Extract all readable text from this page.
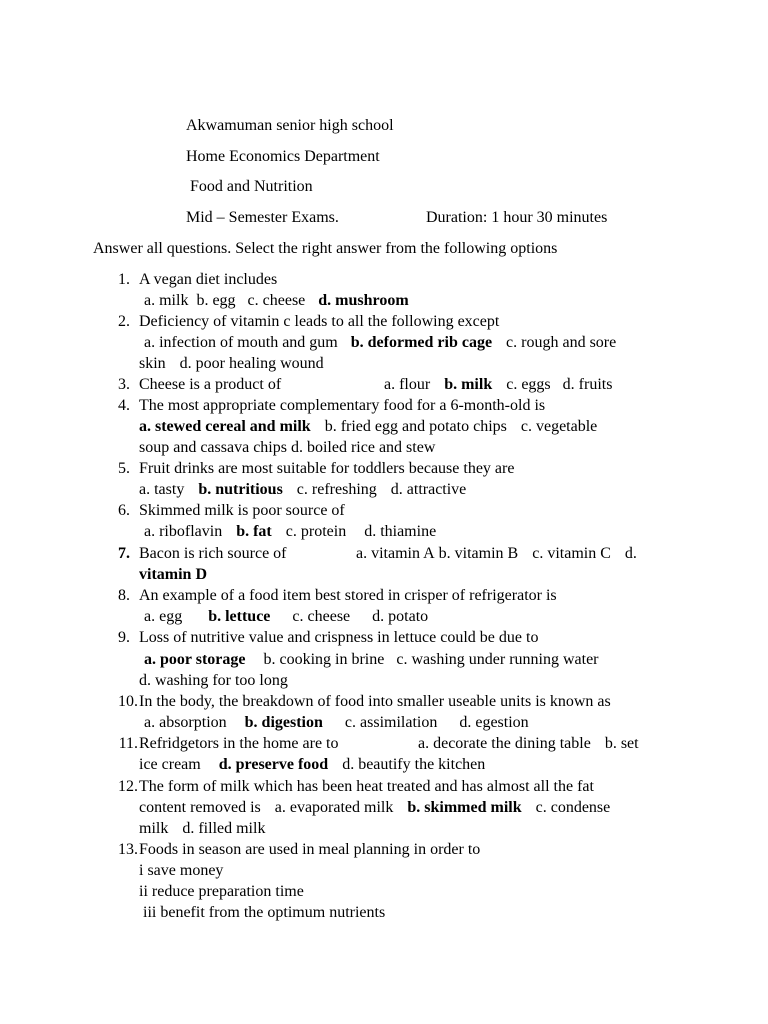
Akwamuman senior high school
Home Economics Department
Food and Nutrition
Mid – Semester Exams.	Duration: 1 hour 30 minutes
Answer all questions. Select the right answer from the following options
1. A vegan diet includes
a. milk b. egg c. cheese d. mushroom
2. Deficiency of vitamin c leads to all the following except
a. infection of mouth and gum b. deformed rib cage c. rough and sore
skin d. poor healing wound
3. Cheese is a product of	a. flour b. milk c. eggs d. fruits
4. The most appropriate complementary food for a 6-month-old is
a. stewed cereal and milk b. fried egg and potato chips c. vegetable
soup and cassava chips d. boiled rice and stew
5. Fruit drinks are most suitable for toddlers because they are
a. tasty b. nutritious c. refreshing d. attractive
6. Skimmed milk is poor source of
a. riboflavin b. fat c. protein d. thiamine
7. Bacon is rich source of	a. vitamin A b. vitamin B c. vitamin C d.
vitamin D
8. An example of a food item best stored in crisper of refrigerator is
a. egg b. lettuce c. cheese d. potato
9. Loss of nutritive value and crispness in lettuce could be due to
a. poor storage b. cooking in brine c. washing under running water
d. washing for too long
10. In the body, the breakdown of food into smaller useable units is known as
a. absorption b. digestion c. assimilation d. egestion
11. Refridgetors in the home are to	a. decorate the dining table b. set
ice cream d. preserve food d. beautify the kitchen
12. The form of milk which has been heat treated and has almost all the fat
content removed is a. evaporated milk b. skimmed milk c. condense
milk d. filled milk
13. Foods in season are used in meal planning in order to
i save money
ii reduce preparation time
iii benefit from the optimum nutrients
